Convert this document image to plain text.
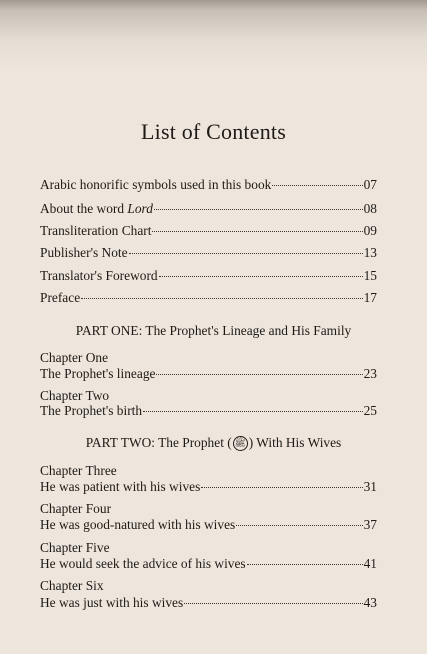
List of Contents
Arabic honorific symbols used in this book	07
About the word Lord	08
Transliteration Chart	09
Publisher's Note	13
Translator's Foreword	15
Preface	17
PART ONE: The Prophet's Lineage and His Family
Chapter One
The Prophet's lineage	23
Chapter Two
The Prophet's birth	25
PART TWO: The Prophet ( ﷺ ) With His Wives
Chapter Three
He was patient with his wives	31
Chapter Four
He was good-natured with his wives	37
Chapter Five
He would seek the advice of his wives	41
Chapter Six
He was just with his wives	43
